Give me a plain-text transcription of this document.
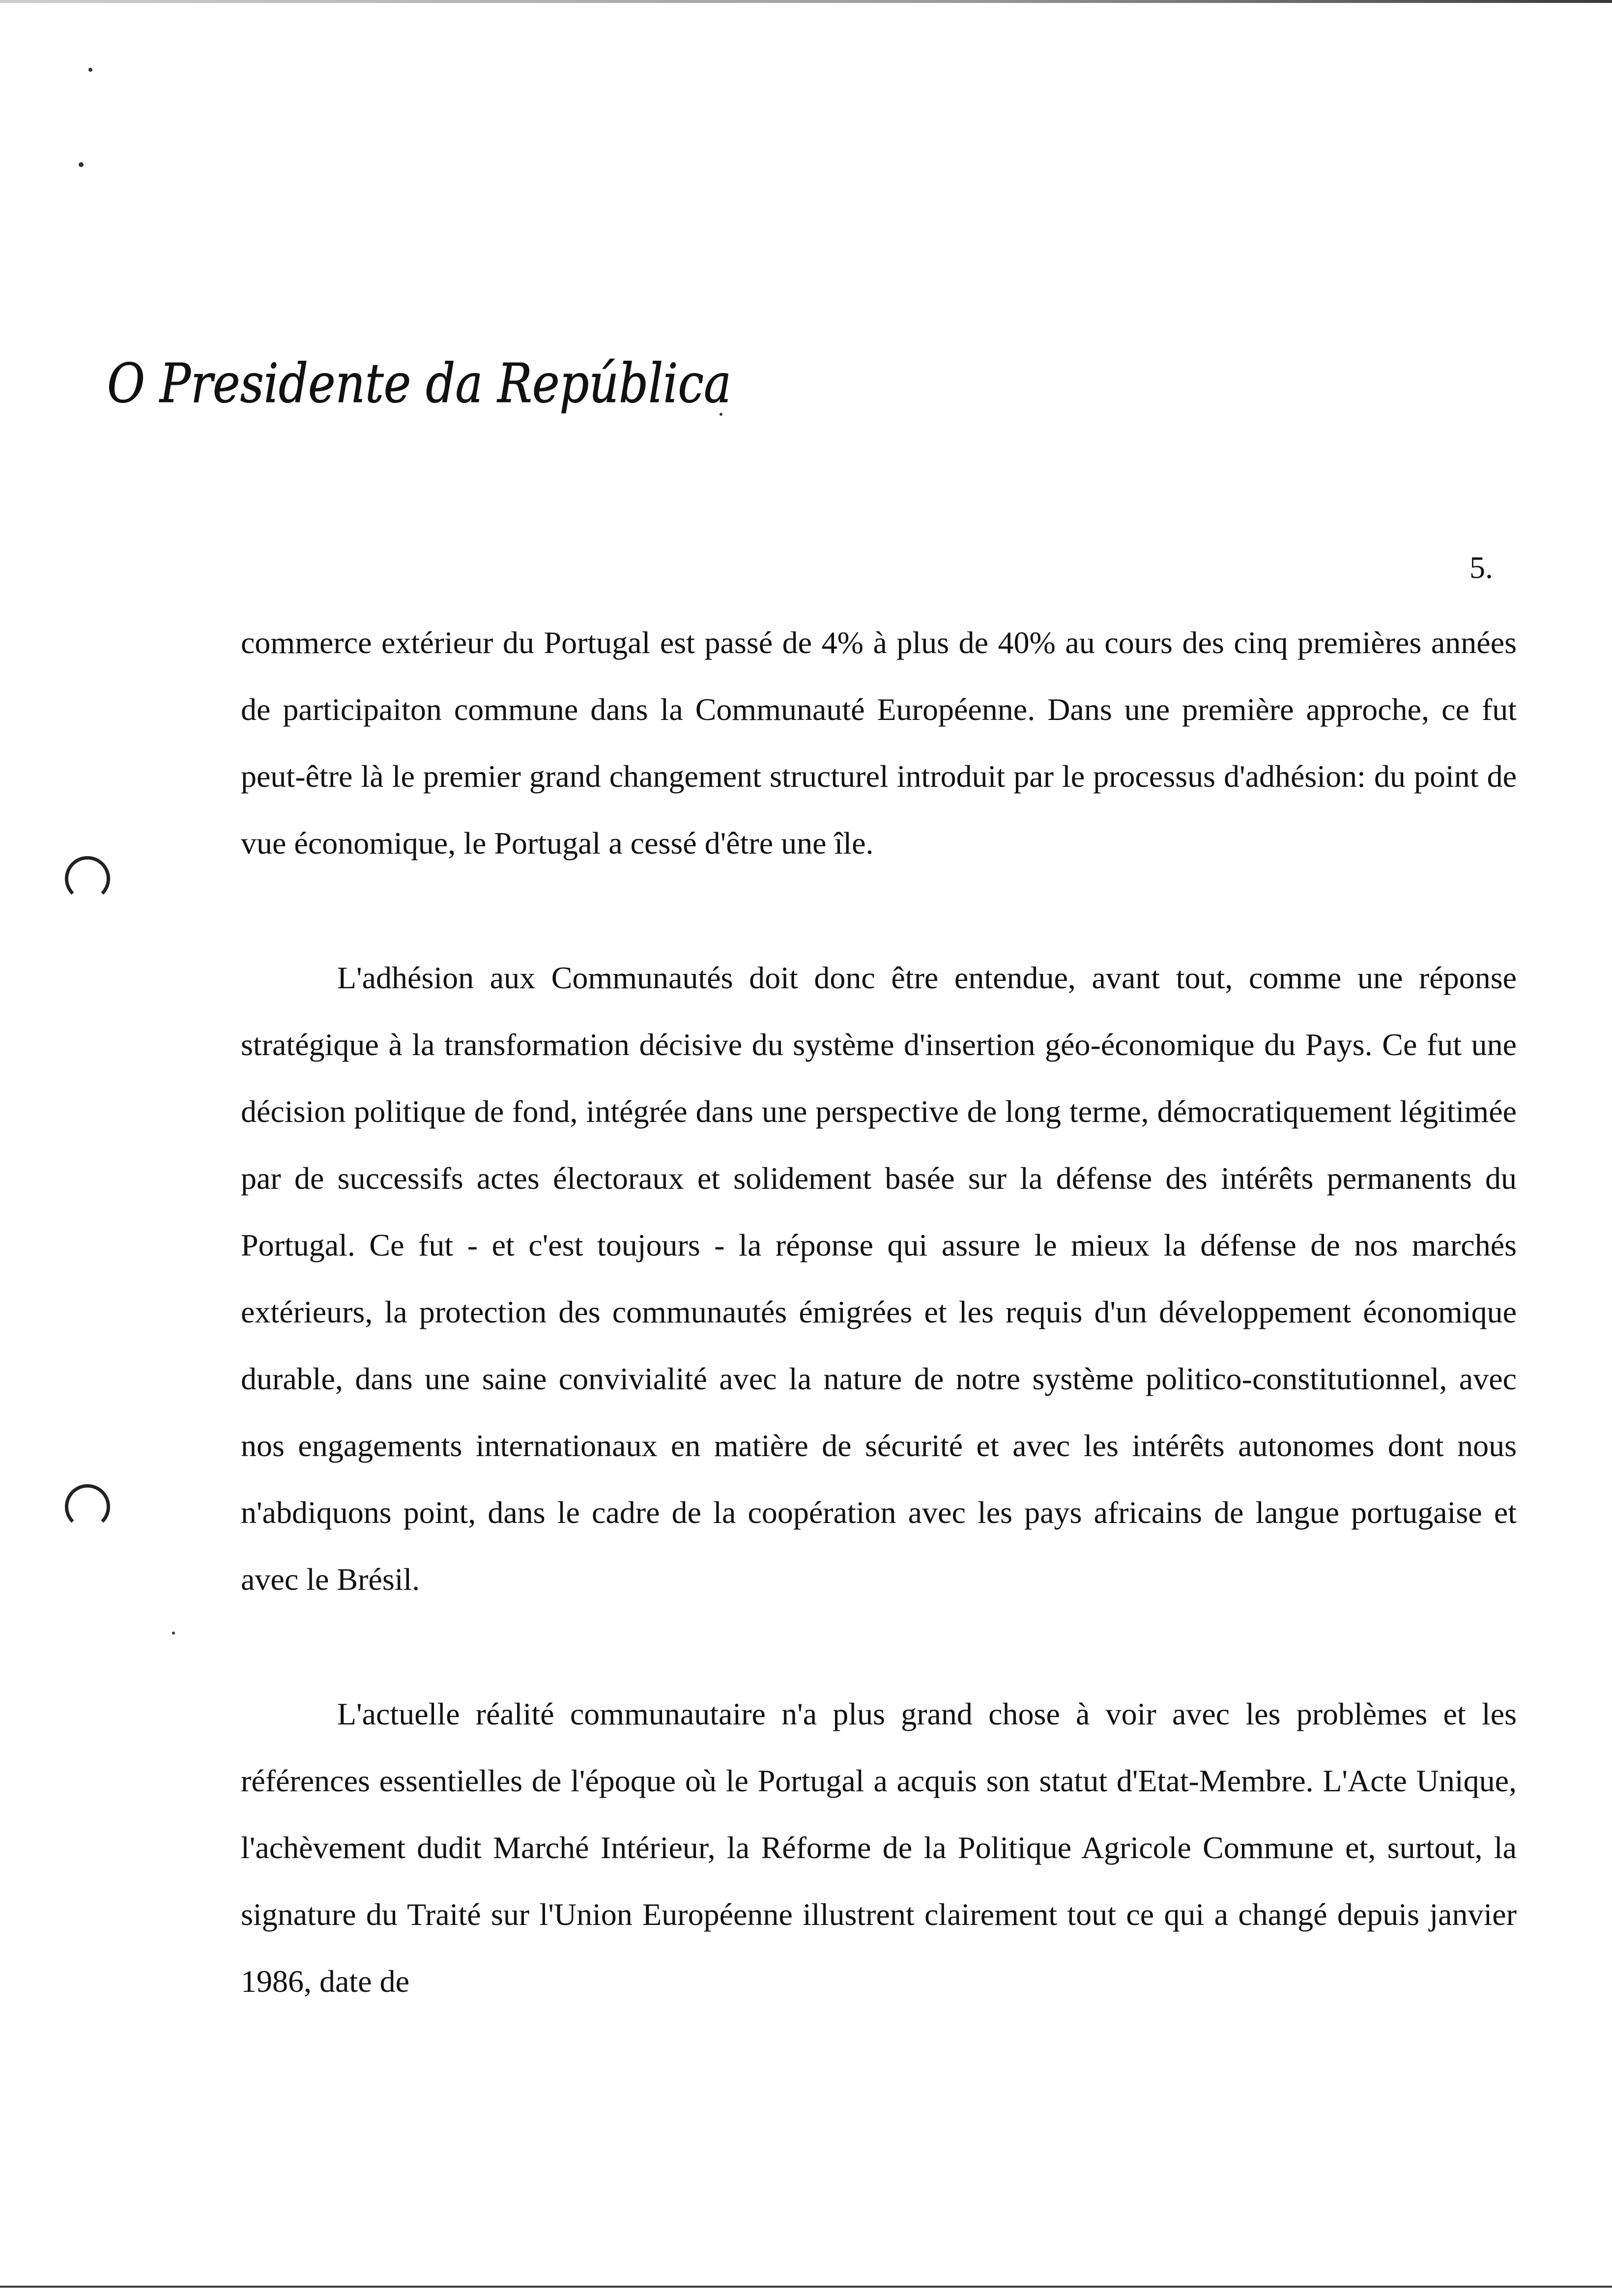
O Presidente da República
5.

commerce extérieur du Portugal est passé de 4% à plus de 40% au cours des cinq premières années de participaiton commune dans la Communauté Européenne. Dans une première approche, ce fut peut-être là le premier grand changement structurel introduit par le processus d'adhésion: du point de vue économique, le Portugal a cessé d'être une île.

L'adhésion aux Communautés doit donc être entendue, avant tout, comme une réponse stratégique à la transformation décisive du système d'insertion géo-économique du Pays. Ce fut une décision politique de fond, intégrée dans une perspective de long terme, démocratiquement légitimée par de successifs actes électoraux et solidement basée sur la défense des intérêts permanents du Portugal. Ce fut - et c'est toujours - la réponse qui assure le mieux la défense de nos marchés extérieurs, la protection des communautés émigrées et les requis d'un développement économique durable, dans une saine convivialité avec la nature de notre système politico-constitutionnel, avec nos engagements internationaux en matière de sécurité et avec les intérêts autonomes dont nous n'abdiquons point, dans le cadre de la coopération avec les pays africains de langue portugaise et avec le Brésil.

L'actuelle réalité communautaire n'a plus grand chose à voir avec les problèmes et les références essentielles de l'époque où le Portugal a acquis son statut d'Etat-Membre. L'Acte Unique, l'achèvement dudit Marché Intérieur, la Réforme de la Politique Agricole Commune et, surtout, la signature du Traité sur l'Union Européenne illustrent clairement tout ce qui a changé depuis janvier 1986, date de
